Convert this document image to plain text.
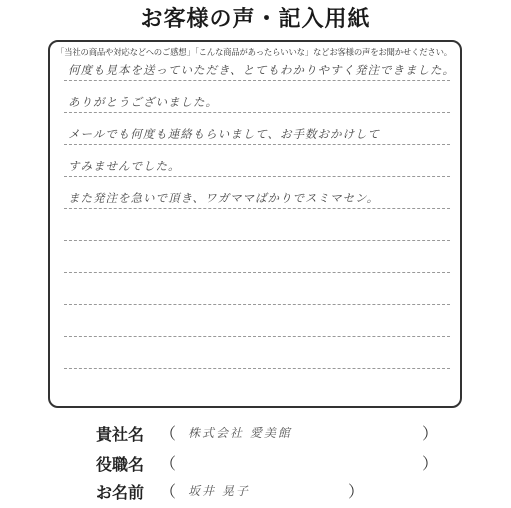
お客様の声・記入用紙
「当社の商品や対応などへのご感想」「こんな商品があったらいいな」などお客様の声をお聞かせください。
何度も見本を送っていただき、とてもわかりやすく発注できました。
ありがとうございました。
メールでも何度も連絡もらいまして、お手数おかけして
すみませんでした。
また発注を急いで頂き、ワガママばかりでスミマセン。
貴社名 （ 株式会社 愛美館	）
役職名 （	）
お名前 （ 坂井 晃子	）
